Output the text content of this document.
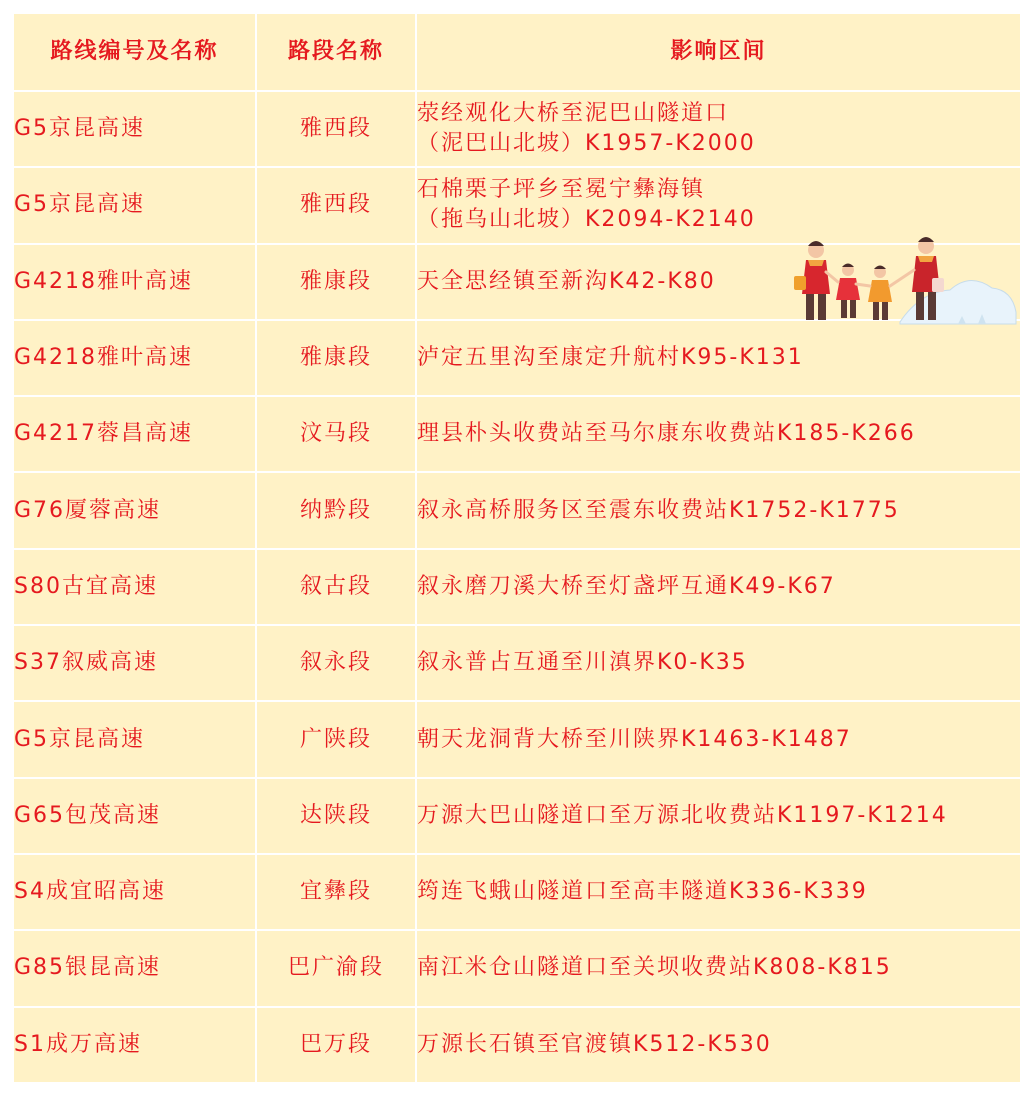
路线编号及名称	路段名称	影响区间
G5京昆高速	雅西段	荥经观化大桥至泥巴山隧道口
（泥巴山北坡）K1957-K2000

G5京昆高速	雅西段	石棉栗子坪乡至冕宁彝海镇
（拖乌山北坡）K2094-K2140

G4218雅叶高速	雅康段	天全思经镇至新沟K42-K80

G4218雅叶高速	雅康段	泸定五里沟至康定升航村K95-K131

G4217蓉昌高速	汶马段	理县朴头收费站至马尔康东收费站K185-K266

G76厦蓉高速	纳黔段	叙永高桥服务区至震东收费站K1752-K1775

S80古宜高速	叙古段	叙永磨刀溪大桥至灯盏坪互通K49-K67

S37叙威高速	叙永段	叙永普占互通至川滇界K0-K35

G5京昆高速	广陕段	朝天龙洞背大桥至川陕界K1463-K1487

G65包茂高速	达陕段	万源大巴山隧道口至万源北收费站K1197-K1214

S4成宜昭高速	宜彝段	筠连飞蛾山隧道口至高丰隧道K336-K339

G85银昆高速	巴广渝段	南江米仓山隧道口至关坝收费站K808-K815

S1成万高速	巴万段	万源长石镇至官渡镇K512-K530
